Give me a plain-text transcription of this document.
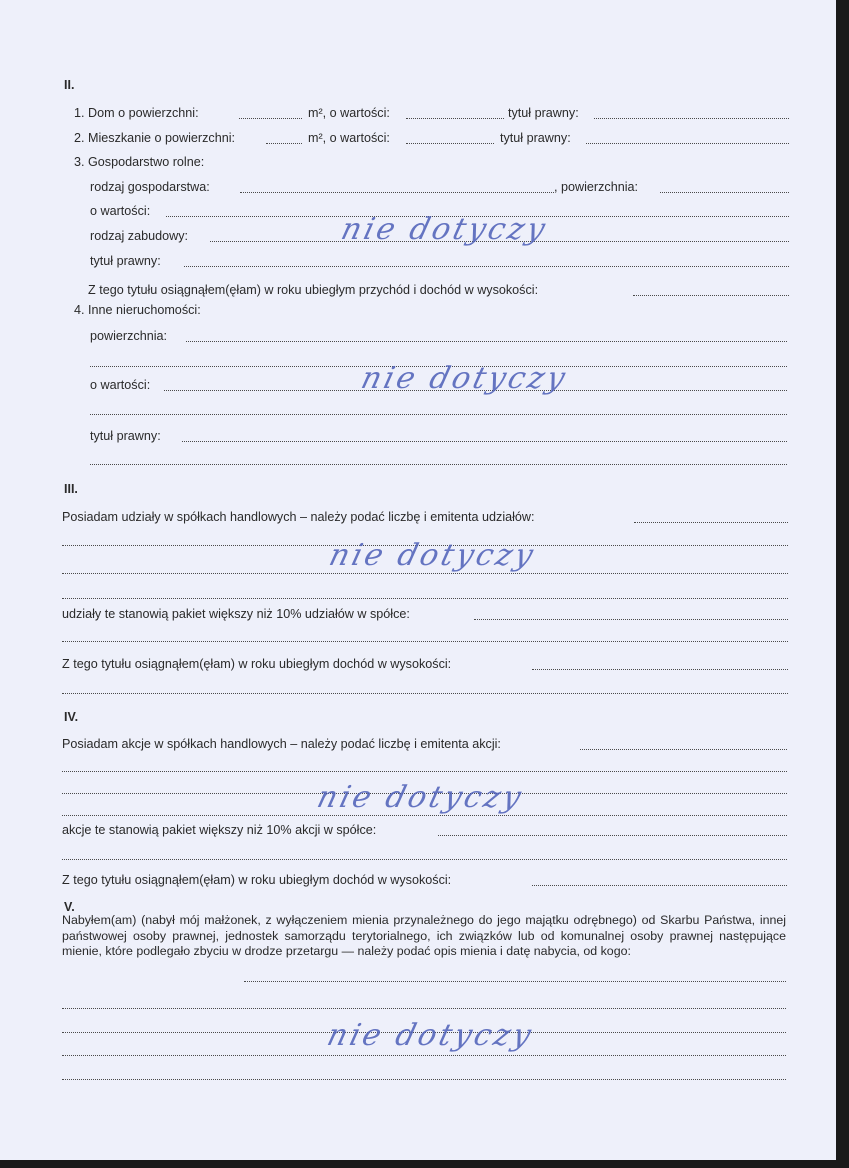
II.
1. Dom o powierzchni:	m², o wartości:	tytuł prawny:
2. Mieszkanie o powierzchni:	m², o wartości:	tytuł prawny:
3. Gospodarstwo rolne:
rodzaj gospodarstwa:	, powierzchnia:
o wartości:
rodzaj zabudowy:
tytuł prawny:
Z tego tytułu osiągnąłem(ęłam) w roku ubiegłym przychód i dochód w wysokości:
nie dotyczy
4. Inne nieruchomości:
powierzchnia:
o wartości:
tytuł prawny:
nie dotyczy
III.
Posiadam udziały w spółkach handlowych – należy podać liczbę i emitenta udziałów:
nie dotyczy
udziały te stanowią pakiet większy niż 10% udziałów w spółce:
Z tego tytułu osiągnąłem(ęłam) w roku ubiegłym dochód w wysokości:
IV.
Posiadam akcje w spółkach handlowych – należy podać liczbę i emitenta akcji:
nie dotyczy
akcje te stanowią pakiet większy niż 10% akcji w spółce:
Z tego tytułu osiągnąłem(ęłam) w roku ubiegłym dochód w wysokości:
V.
Nabyłem(am) (nabył mój małżonek, z wyłączeniem mienia przynależnego do jego majątku odrębnego) od Skarbu Państwa, innej państwowej osoby prawnej, jednostek samorządu terytorialnego, ich związków lub od komunalnej osoby prawnej następujące mienie, które podlegało zbyciu w drodze przetargu — należy podać opis mienia i datę nabycia, od kogo:
nie dotyczy
